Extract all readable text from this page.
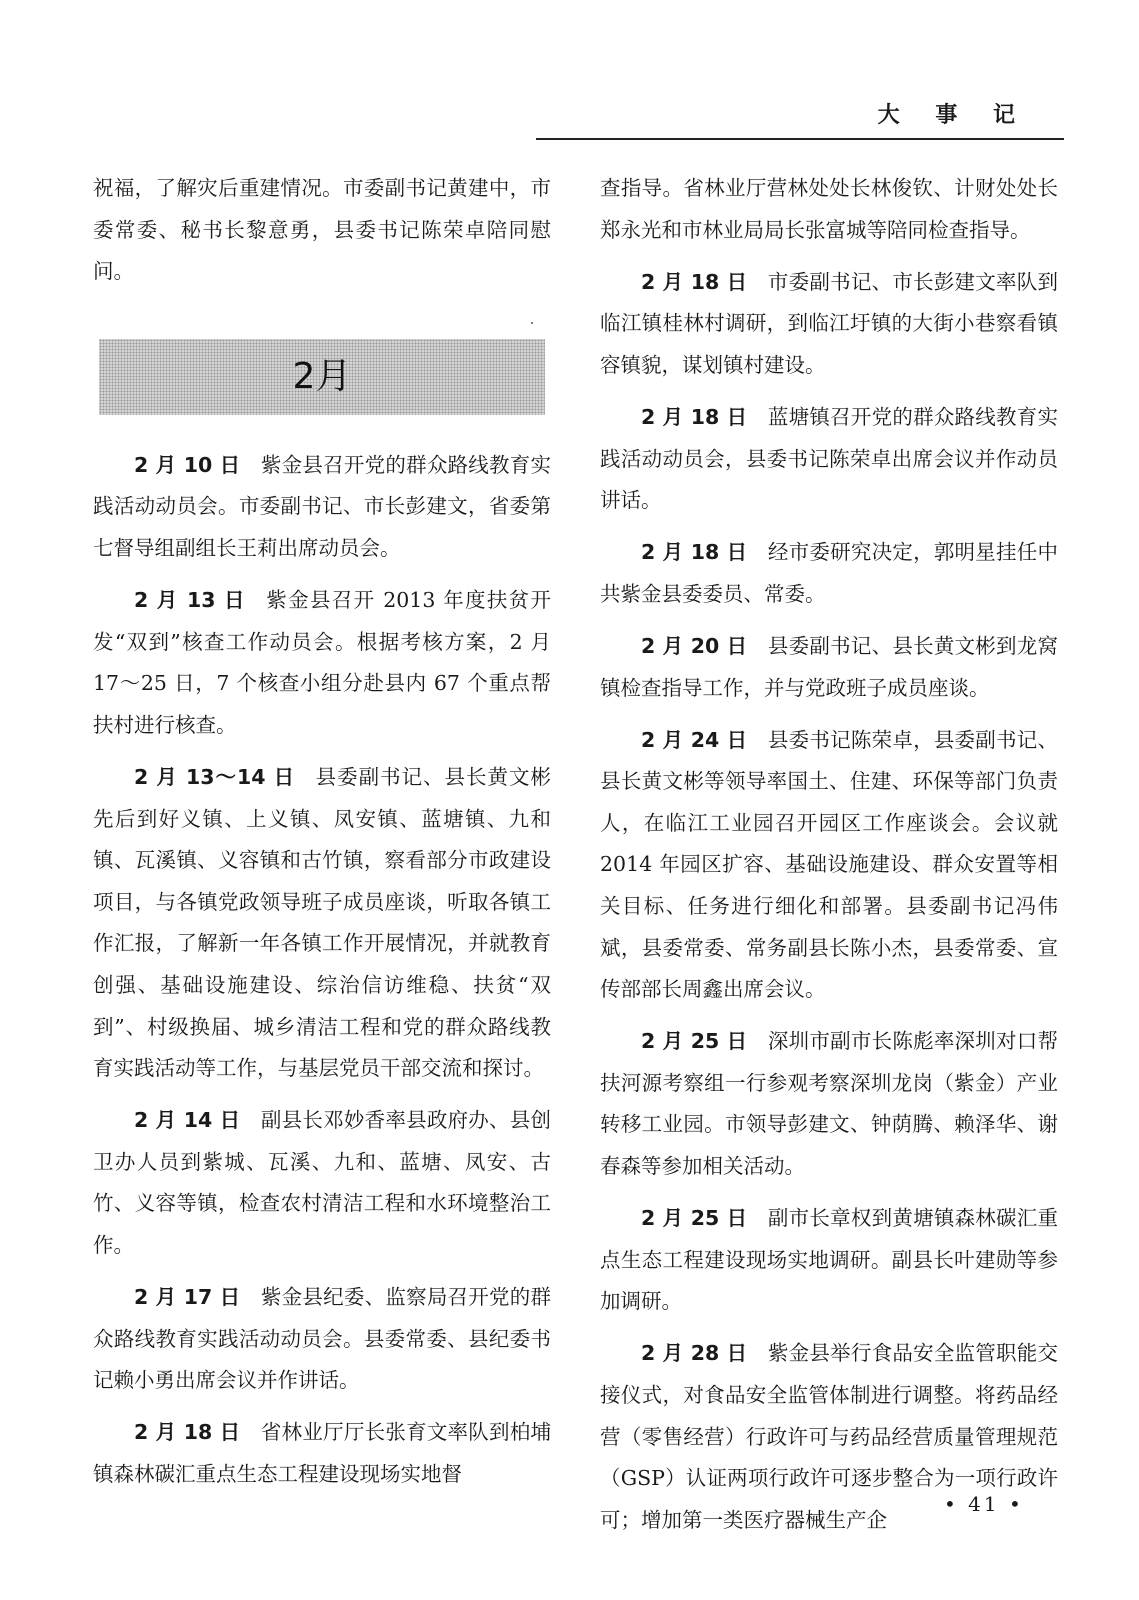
大 事 记

祝福，了解灾后重建情况。市委副书记黄建中，市委常委、秘书长黎意勇，县委书记陈荣卓陪同慰问。

2月

2 月 10 日 紫金县召开党的群众路线教育实践活动动员会。市委副书记、市长彭建文，省委第七督导组副组长王莉出席动员会。

2 月 13 日 紫金县召开 2013 年度扶贫开发“双到”核查工作动员会。根据考核方案，2 月 17～25 日，7 个核查小组分赴县内 67 个重点帮扶村进行核查。

2 月 13～14 日 县委副书记、县长黄文彬先后到好义镇、上义镇、凤安镇、蓝塘镇、九和镇、瓦溪镇、义容镇和古竹镇，察看部分市政建设项目，与各镇党政领导班子成员座谈，听取各镇工作汇报，了解新一年各镇工作开展情况，并就教育创强、基础设施建设、综治信访维稳、扶贫“双到”、村级换届、城乡清洁工程和党的群众路线教育实践活动等工作，与基层党员干部交流和探讨。

2 月 14 日 副县长邓妙香率县政府办、县创卫办人员到紫城、瓦溪、九和、蓝塘、凤安、古竹、义容等镇，检查农村清洁工程和水环境整治工作。

2 月 17 日 紫金县纪委、监察局召开党的群众路线教育实践活动动员会。县委常委、县纪委书记赖小勇出席会议并作讲话。

2 月 18 日 省林业厅厅长张育文率队到柏埔镇森林碳汇重点生态工程建设现场实地督

查指导。省林业厅营林处处长林俊钦、计财处处长郑永光和市林业局局长张富城等陪同检查指导。

2 月 18 日 市委副书记、市长彭建文率队到临江镇桂林村调研，到临江圩镇的大街小巷察看镇容镇貌，谋划镇村建设。

2 月 18 日 蓝塘镇召开党的群众路线教育实践活动动员会，县委书记陈荣卓出席会议并作动员讲话。

2 月 18 日 经市委研究决定，郭明星挂任中共紫金县委委员、常委。

2 月 20 日 县委副书记、县长黄文彬到龙窝镇检查指导工作，并与党政班子成员座谈。

2 月 24 日 县委书记陈荣卓，县委副书记、县长黄文彬等领导率国土、住建、环保等部门负责人，在临江工业园召开园区工作座谈会。会议就 2014 年园区扩容、基础设施建设、群众安置等相关目标、任务进行细化和部署。县委副书记冯伟斌，县委常委、常务副县长陈小杰，县委常委、宣传部部长周鑫出席会议。

2 月 25 日 深圳市副市长陈彪率深圳对口帮扶河源考察组一行参观考察深圳龙岗（紫金）产业转移工业园。市领导彭建文、钟荫腾、赖泽华、谢春森等参加相关活动。

2 月 25 日 副市长章权到黄塘镇森林碳汇重点生态工程建设现场实地调研。副县长叶建勋等参加调研。

2 月 28 日 紫金县举行食品安全监管职能交接仪式，对食品安全监管体制进行调整。将药品经营（零售经营）行政许可与药品经营质量管理规范（GSP）认证两项行政许可逐步整合为一项行政许可；增加第一类医疗器械生产企

• 41 •
